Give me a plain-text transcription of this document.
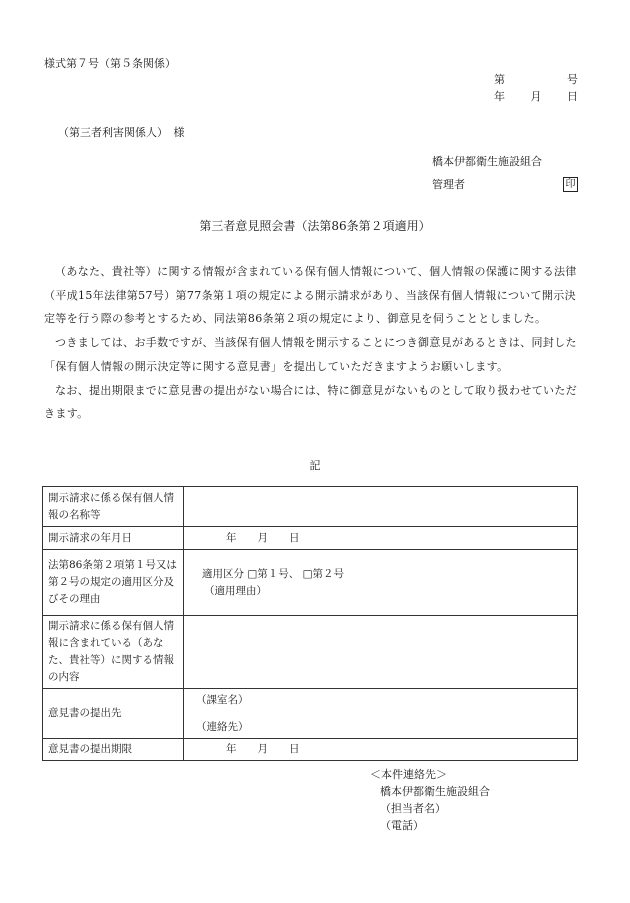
様式第７号（第５条関係）
第	号
年 月 日
（第三者利害関係人）　様
橋本伊都衛生施設組合
管理者	印
第三者意見照会書（法第86条第２項適用）

（あなた、貴社等）に関する情報が含まれている保有個人情報について、個人情報の保護に関する法律（平成15年法律第57号）第77条第１項の規定による開示請求があり、当該保有個人情報について開示決定等を行う際の参考とするため、同法第86条第２項の規定により、御意見を伺うこととしました。

つきましては、お手数ですが、当該保有個人情報を開示することにつき御意見があるときは、同封した「保有個人情報の開示決定等に関する意見書」を提出していただきますようお願いします。

なお、提出期限までに意見書の提出がない場合には、特に御意見がないものとして取り扱わせていただきます。

記
開示請求に係る保有個人情報の名称等	
開示請求の年月日	年　　月　　日
法第86条第２項第１号又は第２号の規定の適用区分及びその理由	適用区分 □第１号、 □第２号
（適用理由）

開示請求に係る保有個人情報に含まれている（あなた、貴社等）に関する情報の内容	
意見書の提出先	（課室名）
（連絡先）

意見書の提出期限	年　　月　　日
＜本件連絡先＞
橋本伊都衛生施設組合
（担当者名）
（電話）
